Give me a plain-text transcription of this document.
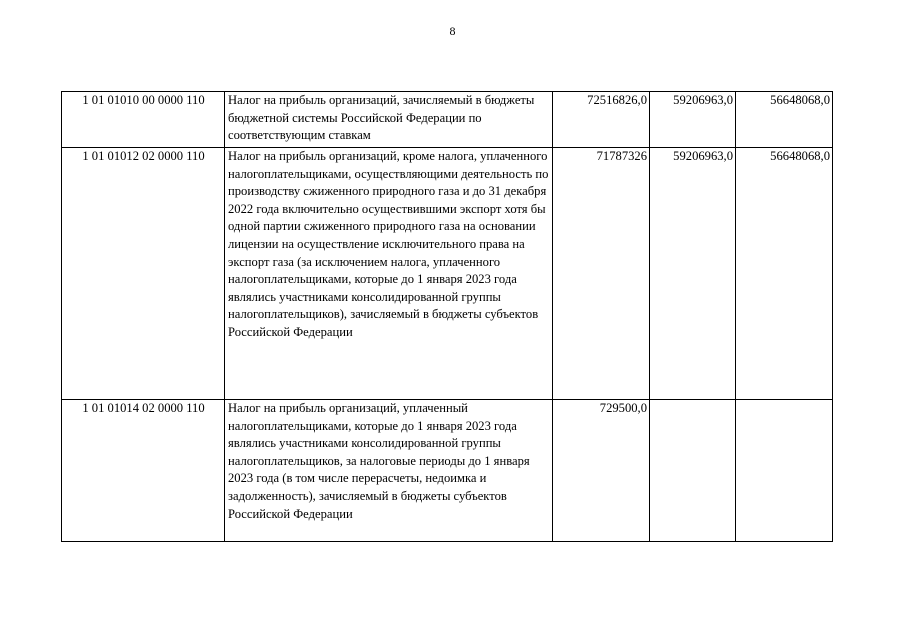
8
1 01 01010 00 0000 110	Налог на прибыль организаций, зачисляемый в бюджеты бюджетной системы Российской Федерации по соответствующим ставкам	72516826,0	59206963,0	56648068,0
1 01 01012 02 0000 110	Налог на прибыль организаций, кроме налога, уплаченного налогоплательщиками, осуществляющими деятельность по производству сжиженного природного газа и до 31 декабря 2022 года включительно осуществившими экспорт хотя бы одной партии сжиженного природного газа на основании лицензии на осуществление исключительного права на экспорт газа (за исключением налога, уплаченного налогоплательщиками, которые до 1 января 2023 года являлись участниками консолидированной группы налогоплательщиков), зачисляемый в бюджеты субъектов Российской Федерации	71787326	59206963,0	56648068,0
1 01 01014 02 0000 110	Налог на прибыль организаций, уплаченный налогоплательщиками, которые до 1 января 2023 года являлись участниками консолидированной группы налогоплательщиков, за налоговые периоды до 1 января 2023 года (в том числе перерасчеты, недоимка и задолженность), зачисляемый в бюджеты субъектов Российской Федерации	729500,0		
